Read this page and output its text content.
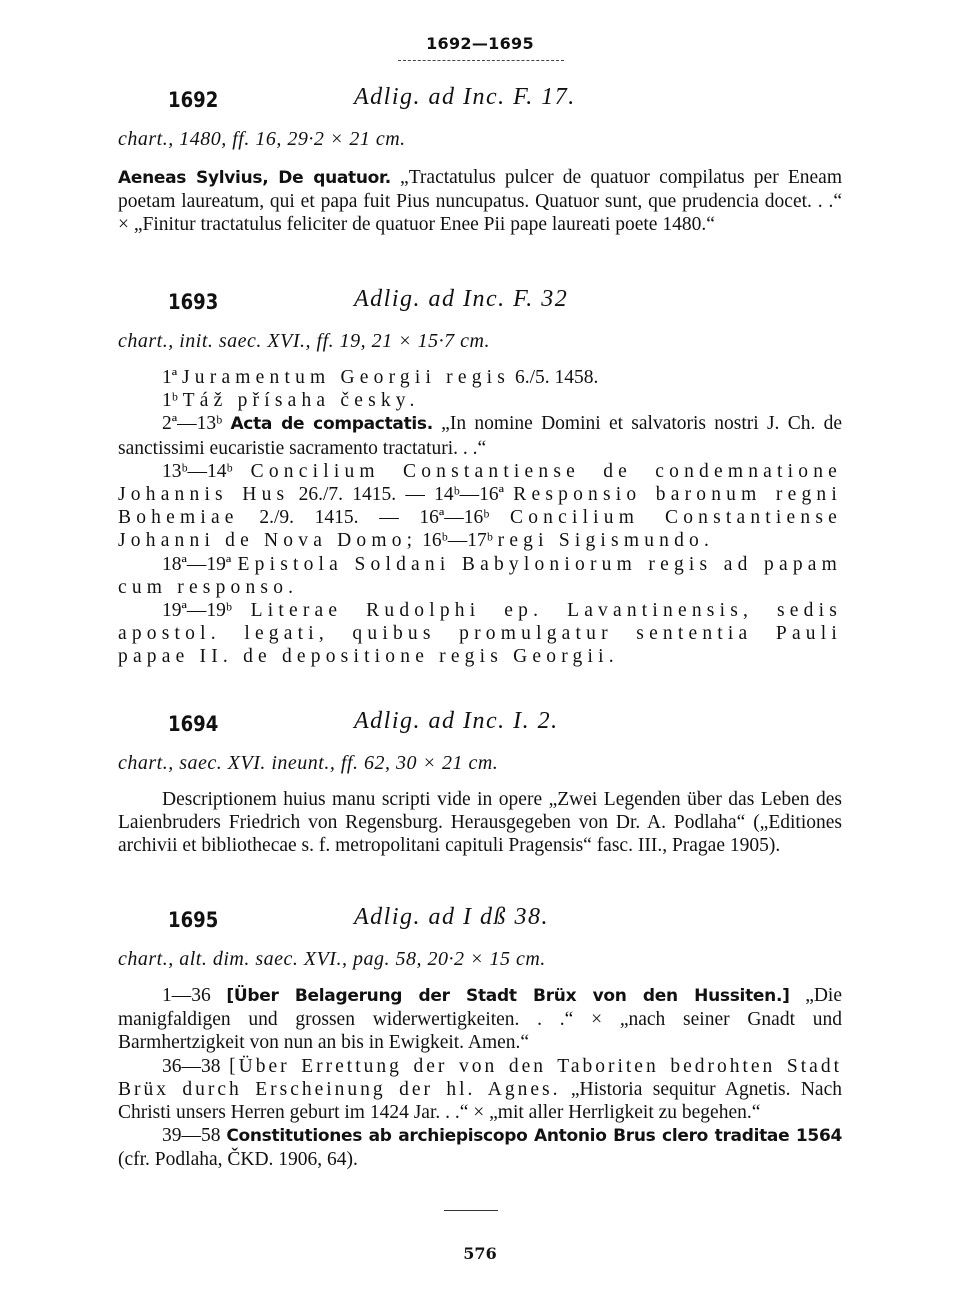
1692—1695
1692	Adlig. ad Inc. F. 17.
chart., 1480, ff. 16, 29·2 × 21 cm.

Aeneas Sylvius, De quatuor. „Tractatulus pulcer de quatuor compilatus per Eneam poetam laureatum, qui et papa fuit Pius nuncupatus. Quatuor sunt, que prudencia docet. . .“ × „Finitur tractatulus feliciter de quatuor Enee Pii pape laureati poete 1480.“

1693	Adlig. ad Inc. F. 32
chart., init. saec. XVI., ff. 19, 21 × 15·7 cm.

1ª Juramentum Georgii regis 6./5. 1458.

1ᵇ Táž přísaha česky.

2ª—13ᵇ Acta de compactatis. „In nomine Domini et salvatoris nostri J. Ch. de sanctissimi eucaristie sacramento tractaturi. . .“

13ᵇ—14ᵇ Concilium Constantiense de condemnatione Johannis Hus 26./7. 1415. — 14ᵇ—16ª Responsio baronum regni Bohemiae 2./9. 1415. — 16ª—16ᵇ Concilium Constantiense Johanni de Nova Domo; 16ᵇ—17ᵇ regi Sigismundo.

18ª—19ª Epistola Soldani Babyloniorum regis ad papam cum responso.

19ª—19ᵇ Literae Rudolphi ep. Lavantinensis, sedis apostol. legati, quibus promulgatur sententia Pauli papae II. de depositione regis Georgii.

1694	Adlig. ad Inc. I. 2.
chart., saec. XVI. ineunt., ff. 62, 30 × 21 cm.

Descriptionem huius manu scripti vide in opere „Zwei Legenden über das Leben des Laienbruders Friedrich von Regensburg. Herausgegeben von Dr. A. Podlaha“ („Editiones archivii et bibliothecae s. f. metropolitani capituli Pragensis“ fasc. III., Pragae 1905).

1695	Adlig. ad I dß 38.
chart., alt. dim. saec. XVI., pag. 58, 20·2 × 15 cm.

1—36 [Über Belagerung der Stadt Brüx von den Hussiten.] „Die manigfaldigen und grossen widerwertigkeiten. . .“ × „nach seiner Gnadt und Barmhertzigkeit von nun an bis in Ewigkeit. Amen.“

36—38 [Über Errettung der von den Taboriten bedrohten Stadt Brüx durch Erscheinung der hl. Agnes. „Historia sequitur Agnetis. Nach Christi unsers Herren geburt im 1424 Jar. . .“ × „mit aller Herrligkeit zu begehen.“

39—58 Constitutiones ab archiepiscopo Antonio Brus clero traditae 1564 (cfr. Podlaha, ČKD. 1906, 64).

576
